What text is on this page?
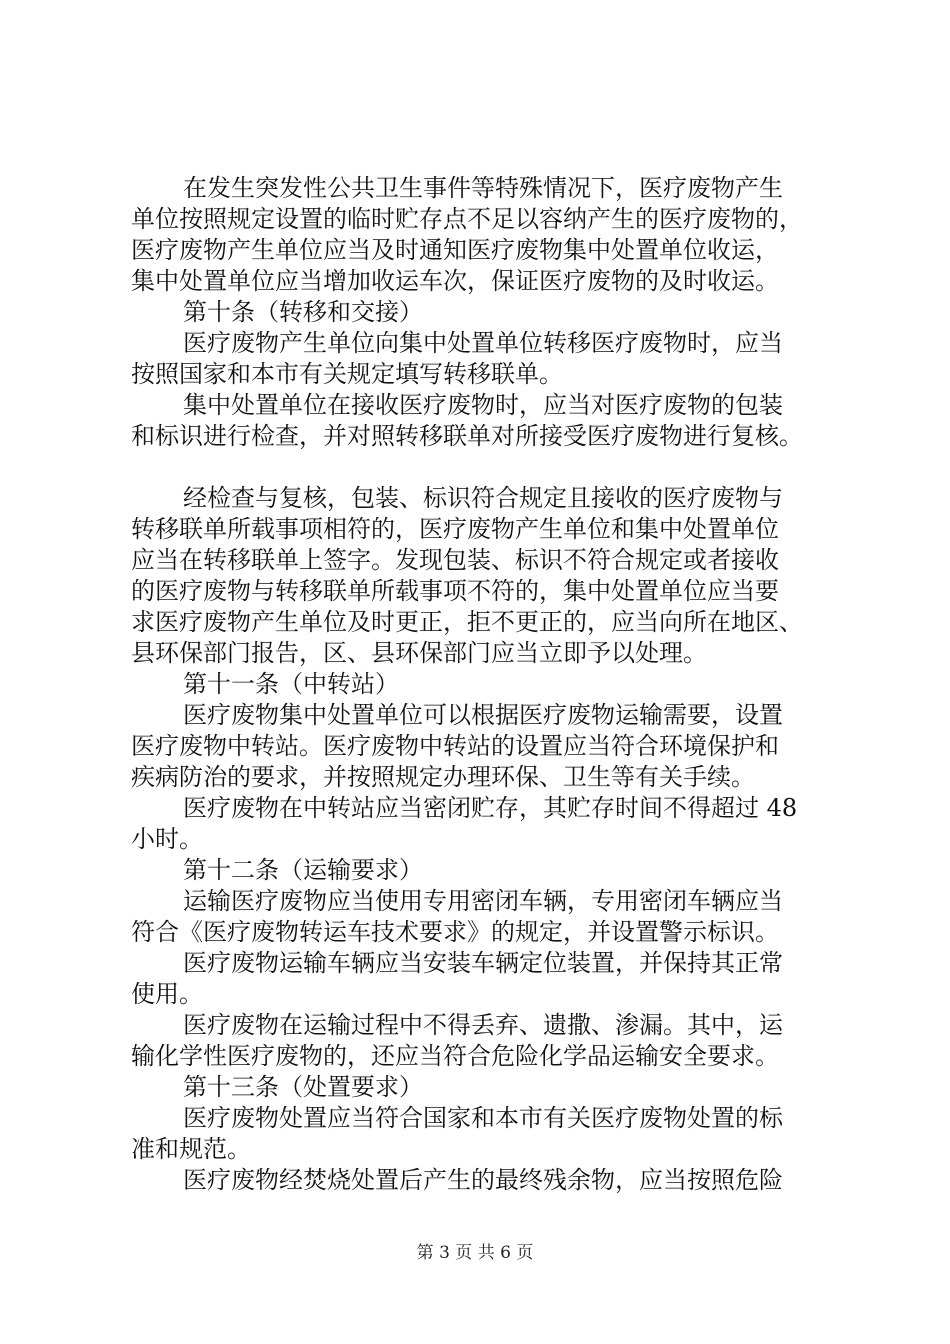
在发生突发性公共卫生事件等特殊情况下，医疗废物产生
单位按照规定设置的临时贮存点不足以容纳产生的医疗废物的，
医疗废物产生单位应当及时通知医疗废物集中处置单位收运，
集中处置单位应当增加收运车次，保证医疗废物的及时收运。
第十条（转移和交接）
医疗废物产生单位向集中处置单位转移医疗废物时，应当
按照国家和本市有关规定填写转移联单。
集中处置单位在接收医疗废物时，应当对医疗废物的包装
和标识进行检查，并对照转移联单对所接受医疗废物进行复核。
经检查与复核，包装、标识符合规定且接收的医疗废物与
转移联单所载事项相符的，医疗废物产生单位和集中处置单位
应当在转移联单上签字。发现包装、标识不符合规定或者接收
的医疗废物与转移联单所载事项不符的，集中处置单位应当要
求医疗废物产生单位及时更正，拒不更正的，应当向所在地区、
县环保部门报告，区、县环保部门应当立即予以处理。
第十一条（中转站）
医疗废物集中处置单位可以根据医疗废物运输需要，设置
医疗废物中转站。医疗废物中转站的设置应当符合环境保护和
疾病防治的要求，并按照规定办理环保、卫生等有关手续。
医疗废物在中转站应当密闭贮存，其贮存时间不得超过 48
小时。
第十二条（运输要求）
运输医疗废物应当使用专用密闭车辆，专用密闭车辆应当
符合《医疗废物转运车技术要求》的规定，并设置警示标识。
医疗废物运输车辆应当安装车辆定位装置，并保持其正常
使用。
医疗废物在运输过程中不得丢弃、遗撒、渗漏。其中，运
输化学性医疗废物的，还应当符合危险化学品运输安全要求。
第十三条（处置要求）
医疗废物处置应当符合国家和本市有关医疗废物处置的标
准和规范。
医疗废物经焚烧处置后产生的最终残余物，应当按照危险
第 3 页 共 6 页
